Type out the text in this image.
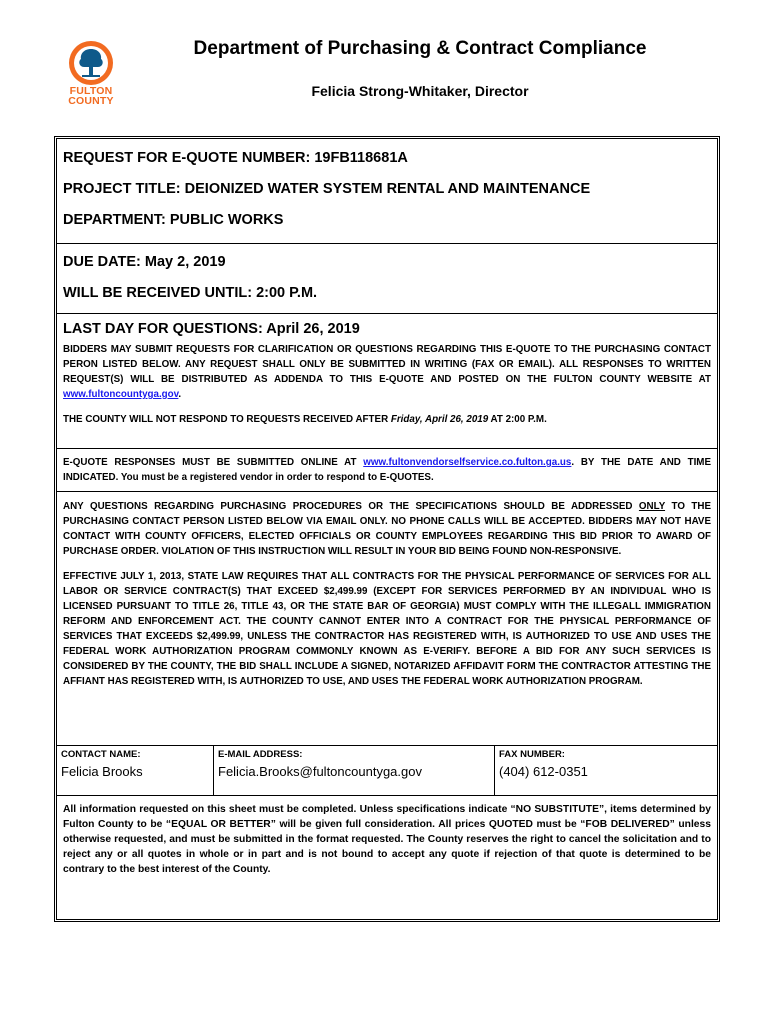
FULTON
COUNTY
Department of Purchasing & Contract Compliance
Felicia Strong-Whitaker, Director
REQUEST FOR E-QUOTE NUMBER: 19FB118681A
PROJECT TITLE: DEIONIZED WATER SYSTEM RENTAL AND MAINTENANCE
DEPARTMENT: PUBLIC WORKS
DUE DATE: May 2, 2019
WILL BE RECEIVED UNTIL: 2:00 P.M.
LAST DAY FOR QUESTIONS: April 26, 2019

BIDDERS MAY SUBMIT REQUESTS FOR CLARIFICATION OR QUESTIONS REGARDING THIS E-QUOTE TO THE PURCHASING CONTACT PERON LISTED BELOW. ANY REQUEST SHALL ONLY BE SUBMITTED IN WRITING (FAX OR EMAIL). ALL RESPONSES TO WRITTEN REQUEST(S) WILL BE DISTRIBUTED AS ADDENDA TO THIS E-QUOTE AND POSTED ON THE FULTON COUNTY WEBSITE AT www.fultoncountyga.gov.

THE COUNTY WILL NOT RESPOND TO REQUESTS RECEIVED AFTER Friday, April 26, 2019 AT 2:00 P.M.

E-QUOTE RESPONSES MUST BE SUBMITTED ONLINE AT www.fultonvendorselfservice.co.fulton.ga.us. BY THE DATE AND TIME INDICATED. You must be a registered vendor in order to respond to E-QUOTES.

ANY QUESTIONS REGARDING PURCHASING PROCEDURES OR THE SPECIFICATIONS SHOULD BE ADDRESSED ONLY TO THE PURCHASING CONTACT PERSON LISTED BELOW VIA EMAIL ONLY. NO PHONE CALLS WILL BE ACCEPTED. BIDDERS MAY NOT HAVE CONTACT WITH COUNTY OFFICERS, ELECTED OFFICIALS OR COUNTY EMPLOYEES REGARDING THIS BID PRIOR TO AWARD OF PURCHASE ORDER. VIOLATION OF THIS INSTRUCTION WILL RESULT IN YOUR BID BEING FOUND NON-RESPONSIVE.

EFFECTIVE JULY 1, 2013, STATE LAW REQUIRES THAT ALL CONTRACTS FOR THE PHYSICAL PERFORMANCE OF SERVICES FOR ALL LABOR OR SERVICE CONTRACT(S) THAT EXCEED $2,499.99 (EXCEPT FOR SERVICES PERFORMED BY AN INDIVIDUAL WHO IS LICENSED PURSUANT TO TITLE 26, TITLE 43, OR THE STATE BAR OF GEORGIA) MUST COMPLY WITH THE ILLEGALL IMMIGRATION REFORM AND ENFORCEMENT ACT. THE COUNTY CANNOT ENTER INTO A CONTRACT FOR THE PHYSICAL PERFORMANCE OF SERVICES THAT EXCEEDS $2,499.99, UNLESS THE CONTRACTOR HAS REGISTERED WITH, IS AUTHORIZED TO USE AND USES THE FEDERAL WORK AUTHORIZATION PROGRAM COMMONLY KNOWN AS E-VERIFY. BEFORE A BID FOR ANY SUCH SERVICES IS CONSIDERED BY THE COUNTY, THE BID SHALL INCLUDE A SIGNED, NOTARIZED AFFIDAVIT FORM THE CONTRACTOR ATTESTING THE AFFIANT HAS REGISTERED WITH, IS AUTHORIZED TO USE, AND USES THE FEDERAL WORK AUTHORIZATION PROGRAM.

CONTACT NAME:
Felicia Brooks
E-MAIL ADDRESS:
Felicia.Brooks@fultoncountyga.gov
FAX NUMBER:
(404) 612-0351
All information requested on this sheet must be completed. Unless specifications indicate “NO SUBSTITUTE”, items determined by Fulton County to be “EQUAL OR BETTER” will be given full consideration. All prices QUOTED must be “FOB DELIVERED” unless otherwise requested, and must be submitted in the format requested. The County reserves the right to cancel the solicitation and to reject any or all quotes in whole or in part and is not bound to accept any quote if rejection of that quote is determined to be contrary to the best interest of the County.
